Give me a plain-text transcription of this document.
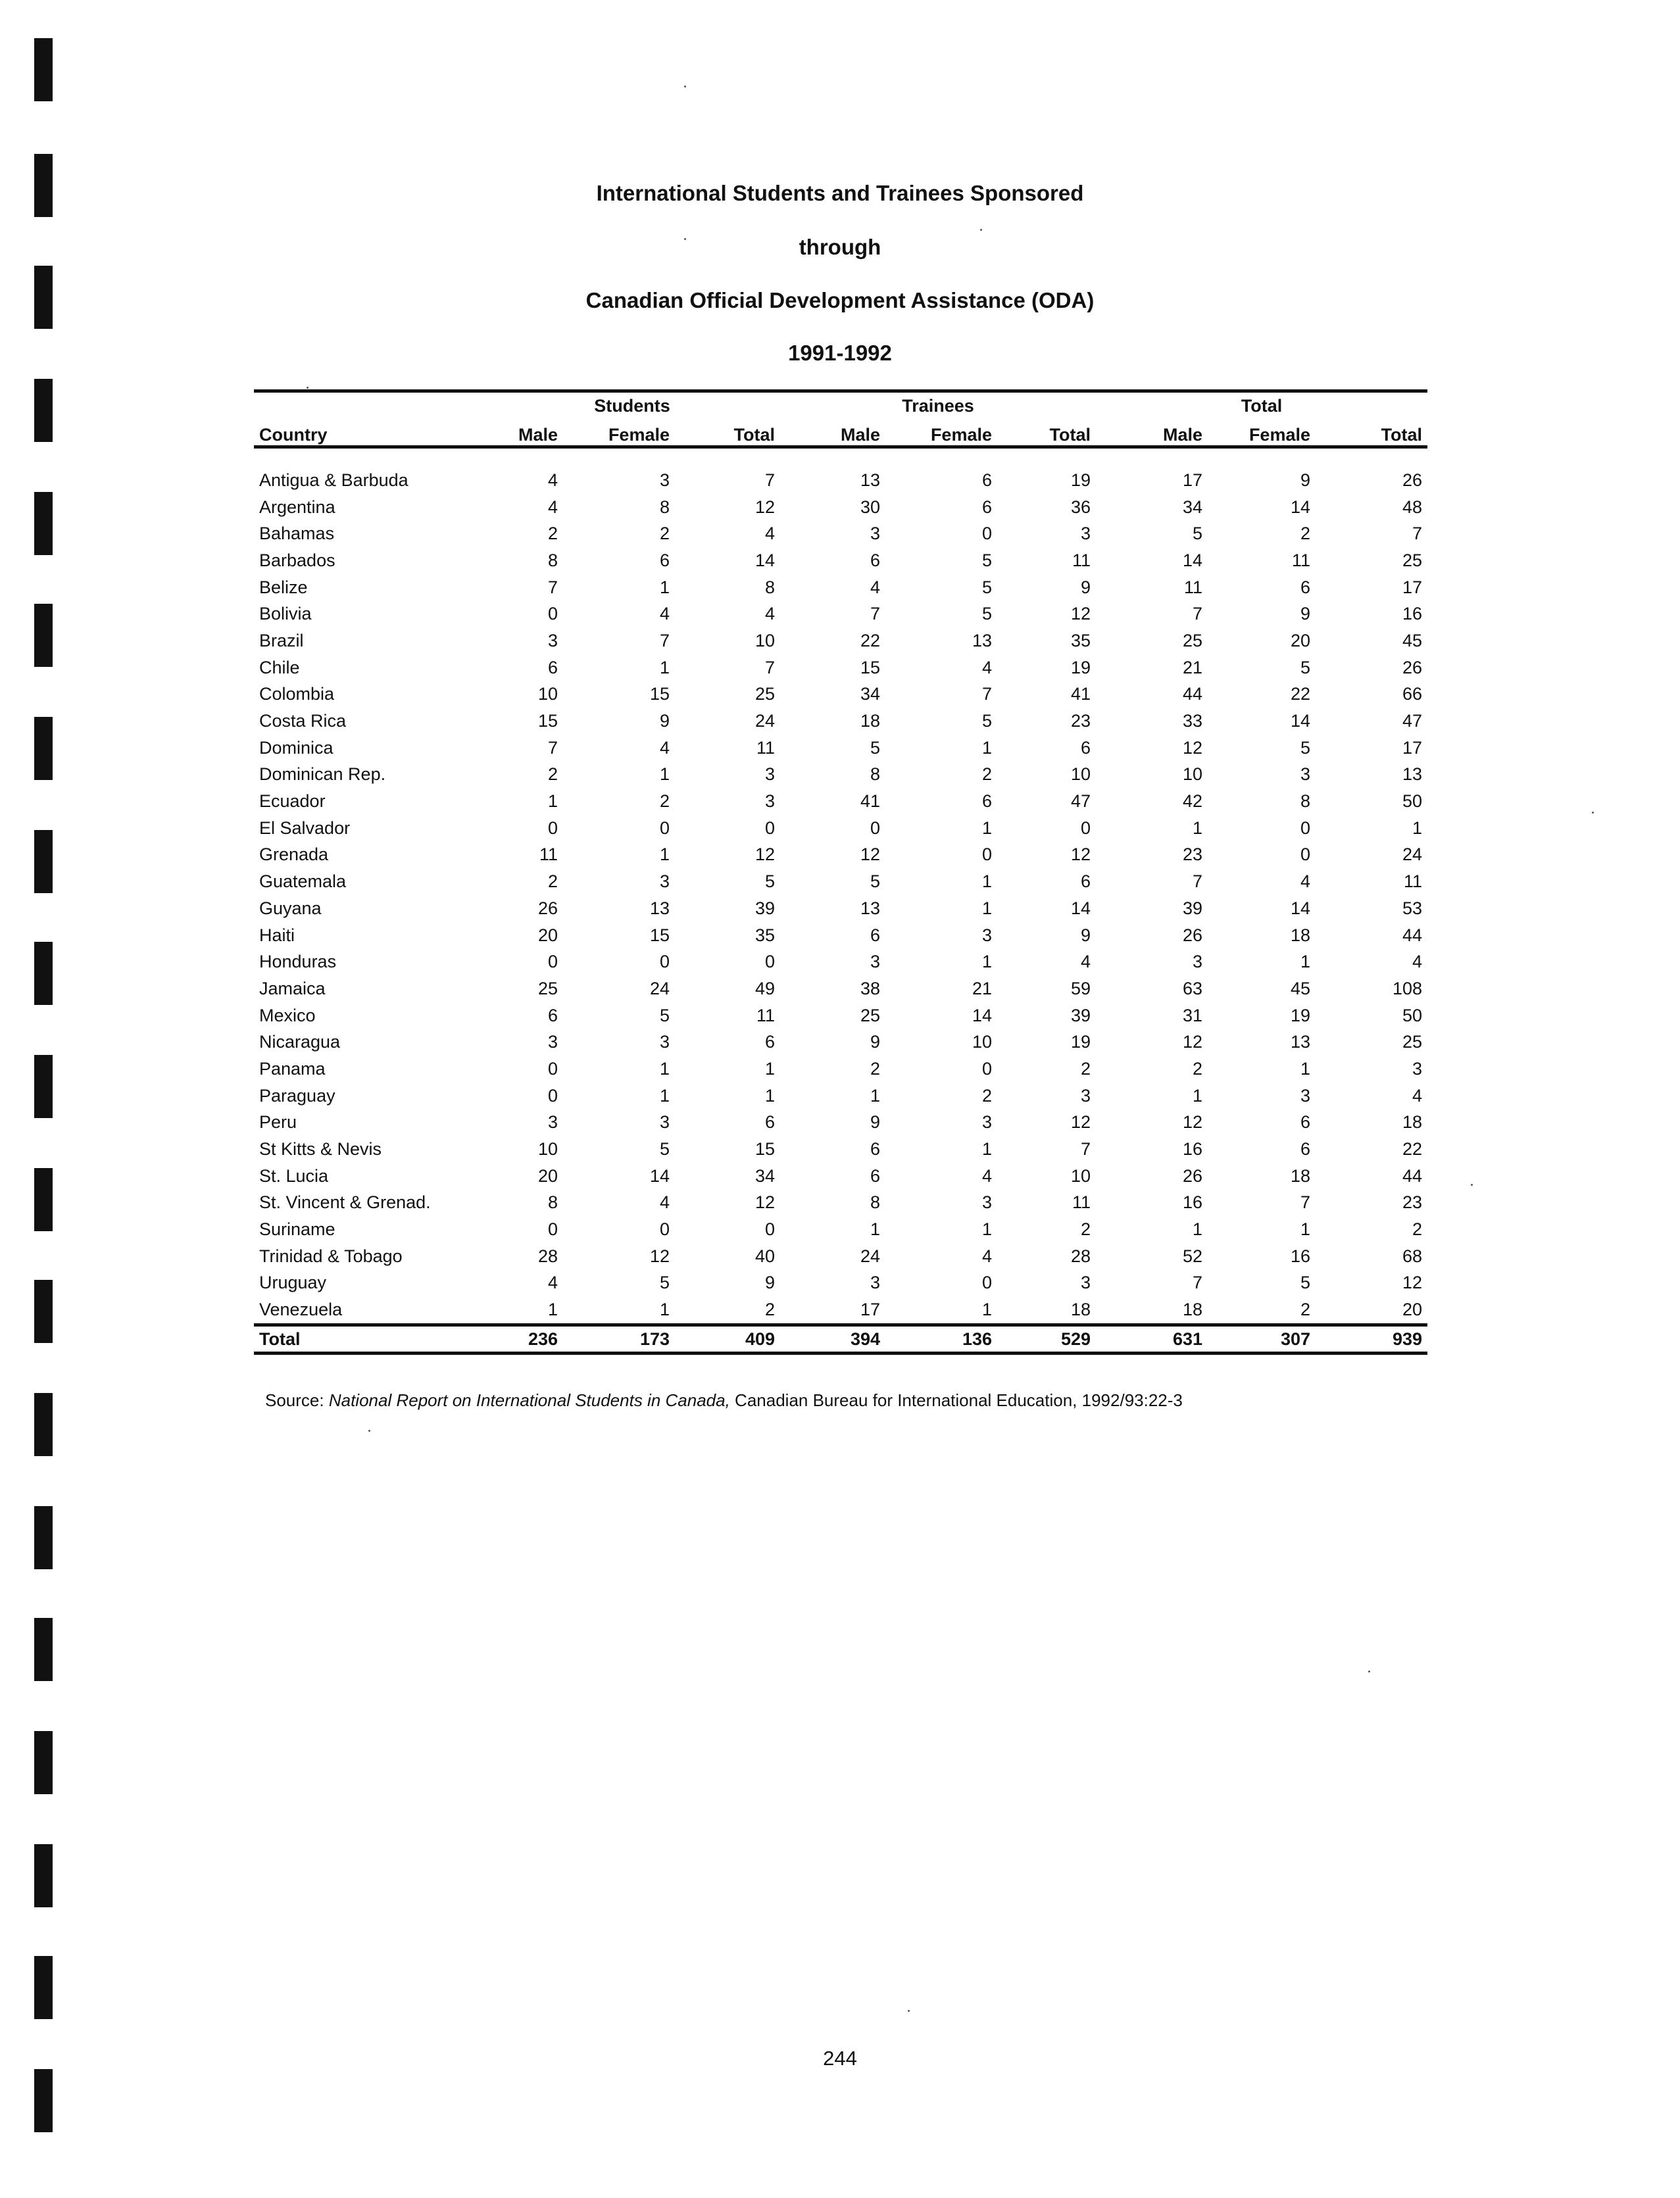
International Students and Trainees Sponsored
through
Canadian Official Development Assistance (ODA)
1991-1992
	Students			Trainees			Total		
Country	Male	Female	Total	Male	Female	Total	Male	Female	Total

Antigua & Barbuda	4	3	7	13	6	19	17	9	26
Argentina	4	8	12	30	6	36	34	14	48
Bahamas	2	2	4	3	0	3	5	2	7
Barbados	8	6	14	6	5	11	14	11	25
Belize	7	1	8	4	5	9	11	6	17
Bolivia	0	4	4	7	5	12	7	9	16
Brazil	3	7	10	22	13	35	25	20	45
Chile	6	1	7	15	4	19	21	5	26
Colombia	10	15	25	34	7	41	44	22	66
Costa Rica	15	9	24	18	5	23	33	14	47
Dominica	7	4	11	5	1	6	12	5	17
Dominican Rep.	2	1	3	8	2	10	10	3	13
Ecuador	1	2	3	41	6	47	42	8	50
El Salvador	0	0	0	0	1	0	1	0	1
Grenada	11	1	12	12	0	12	23	0	24
Guatemala	2	3	5	5	1	6	7	4	11
Guyana	26	13	39	13	1	14	39	14	53
Haiti	20	15	35	6	3	9	26	18	44
Honduras	0	0	0	3	1	4	3	1	4
Jamaica	25	24	49	38	21	59	63	45	108
Mexico	6	5	11	25	14	39	31	19	50
Nicaragua	3	3	6	9	10	19	12	13	25
Panama	0	1	1	2	0	2	2	1	3
Paraguay	0	1	1	1	2	3	1	3	4
Peru	3	3	6	9	3	12	12	6	18
St Kitts & Nevis	10	5	15	6	1	7	16	6	22
St. Lucia	20	14	34	6	4	10	26	18	44
St. Vincent & Grenad.	8	4	12	8	3	11	16	7	23
Suriname	0	0	0	1	1	2	1	1	2
Trinidad & Tobago	28	12	40	24	4	28	52	16	68
Uruguay	4	5	9	3	0	3	7	5	12
Venezuela	1	1	2	17	1	18	18	2	20
Total	236	173	409	394	136	529	631	307	939
Source: National Report on International Students in Canada, Canadian Bureau for International Education, 1992/93:22-3
244
